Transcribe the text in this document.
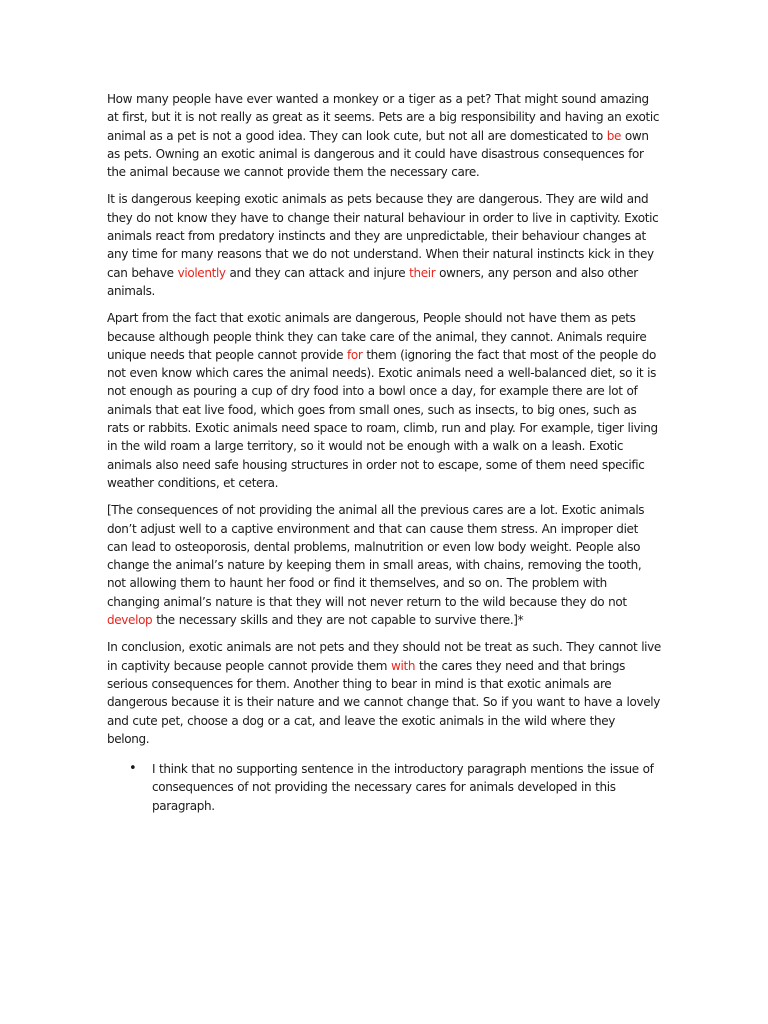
How many people have ever wanted a monkey or a tiger as a pet? That might sound amazing at first, but it is not really as great as it seems. Pets are a big responsibility and having an exotic animal as a pet is not a good idea. They can look cute, but not all are domesticated to be own as pets. Owning an exotic animal is dangerous and it could have disastrous consequences for the animal because we cannot provide them the necessary care.

It is dangerous keeping exotic animals as pets because they are dangerous. They are wild and they do not know they have to change their natural behaviour in order to live in captivity. Exotic animals react from predatory instincts and they are unpredictable, their behaviour changes at any time for many reasons that we do not understand. When their natural instincts kick in they can behave violently and they can attack and injure their owners, any person and also other animals.

Apart from the fact that exotic animals are dangerous, People should not have them as pets because although people think they can take care of the animal, they cannot. Animals require unique needs that people cannot provide for them (ignoring the fact that most of the people do not even know which cares the animal needs). Exotic animals need a well-balanced diet, so it is not enough as pouring a cup of dry food into a bowl once a day, for example there are lot of animals that eat live food, which goes from small ones, such as insects, to big ones, such as rats or rabbits. Exotic animals need space to roam, climb, run and play. For example, tiger living in the wild roam a large territory, so it would not be enough with a walk on a leash. Exotic animals also need safe housing structures in order not to escape, some of them need specific weather conditions, et cetera.

[The consequences of not providing the animal all the previous cares are a lot. Exotic animals don’t adjust well to a captive environment and that can cause them stress. An improper diet can lead to osteoporosis, dental problems, malnutrition or even low body weight. People also change the animal’s nature by keeping them in small areas, with chains, removing the tooth, not allowing them to haunt her food or find it themselves, and so on. The problem with changing animal’s nature is that they will not never return to the wild because they do not develop the necessary skills and they are not capable to survive there.]*

In conclusion, exotic animals are not pets and they should not be treat as such. They cannot live in captivity because people cannot provide them with the cares they need and that brings serious consequences for them. Another thing to bear in mind is that exotic animals are dangerous because it is their nature and we cannot change that. So if you want to have a lovely and cute pet, choose a dog or a cat, and leave the exotic animals in the wild where they belong.

• I think that no supporting sentence in the introductory paragraph mentions the issue of consequences of not providing the necessary cares for animals developed in this paragraph.
